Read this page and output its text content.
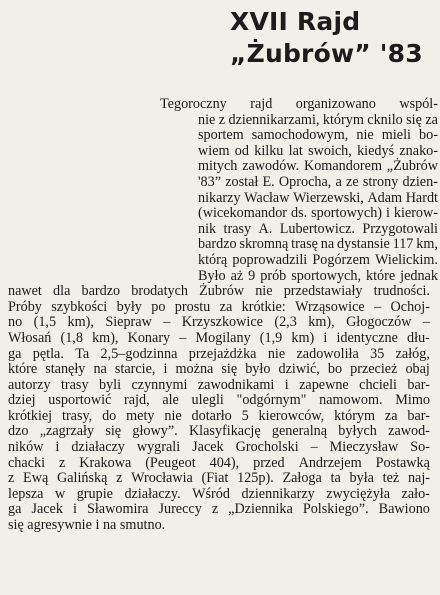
XVII Rajd
„Żubrów” '83
Tegoroczny rajd organizowano wspól-
nie z dziennikarzami, którym cknilo się za
sportem samochodowym, nie mieli bo-
wiem od kilku lat swoich, kiedyś znako-
mitych zawodów. Komandorem „Żubrów
'83” został E. Oprocha, a ze strony dzien-
nikarzy Wacław Wierzewski, Adam Hardt
(wicekomandor ds. sportowych) i kierow-
nik trasy A. Lubertowicz. Przygotowali
bardzo skromną trasę na dystansie 117 km,
którą poprowadzili Pogórzem Wielickim.
Było aż 9 prób sportowych, które jednak
nawet dla bardzo brodatych Żubrów nie przedstawiały trudności.
Próby szybkości były po prostu za krótkie: Wrząsowice – Ochoj-
no (1,5 km), Siepraw – Krzyszkowice (2,3 km), Głogoczów –
Włosań (1,8 km), Konary – Mogilany (1,9 km) i identyczne dłu-
ga pętla. Ta 2,5–godzinna przejażdżka nie zadowoliła 35 załóg,
które stanęły na starcie, i można się było dziwić, bo przecież obaj
autorzy trasy byli czynnymi zawodnikami i zapewne chcieli bar-
dziej usportowić rajd, ale ulegli "odgórnym" namowom. Mimo
krótkiej trasy, do mety nie dotarło 5 kierowców, którym za bar-
dzo „zagrzały się głowy”. Klasyfikację generalną byłych zawod-
ników i działaczy wygrali Jacek Grocholski – Mieczysław So-
chacki z Krakowa (Peugeot 404), przed Andrzejem Postawką
z Ewą Galińską z Wrocławia (Fiat 125p). Załoga ta była też naj-
lepsza w grupie działaczy. Wśród dziennikarzy zwyciężyła zało-
ga Jacek i Sławomira Jureccy z „Dziennika Polskiego”. Bawiono
się agresywnie i na smutno.
